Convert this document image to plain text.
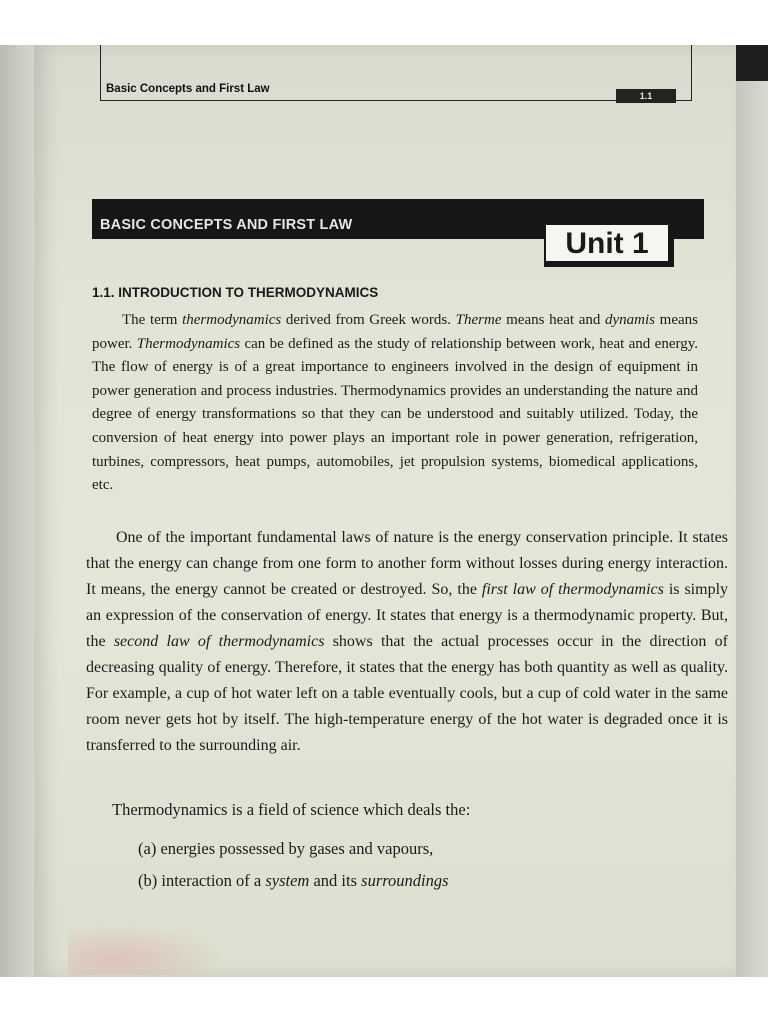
Basic Concepts and First Law
1.1
BASIC CONCEPTS AND FIRST LAW
Unit 1
1.1. INTRODUCTION TO THERMODYNAMICS
The term thermodynamics derived from Greek words. Therme means heat and dynamis means power. Thermodynamics can be defined as the study of relationship between work, heat and energy. The flow of energy is of a great importance to engineers involved in the design of equipment in power generation and process industries. Thermodynamics provides an understanding the nature and degree of energy transformations so that they can be understood and suitably utilized. Today, the conversion of heat energy into power plays an important role in power generation, refrigeration, turbines, compressors, heat pumps, automobiles, jet propulsion systems, biomedical applications, etc.
One of the important fundamental laws of nature is the energy conservation principle. It states that the energy can change from one form to another form without losses during energy interaction. It means, the energy cannot be created or destroyed. So, the first law of thermodynamics is simply an expression of the conservation of energy. It states that energy is a thermodynamic property. But, the second law of thermodynamics shows that the actual processes occur in the direction of decreasing quality of energy. Therefore, it states that the energy has both quantity as well as quality. For example, a cup of hot water left on a table eventually cools, but a cup of cold water in the same room never gets hot by itself. The high-temperature energy of the hot water is degraded once it is transferred to the surrounding air.
Thermodynamics is a field of science which deals the:
(a) energies possessed by gases and vapours,
(b) interaction of a system and its surroundings
